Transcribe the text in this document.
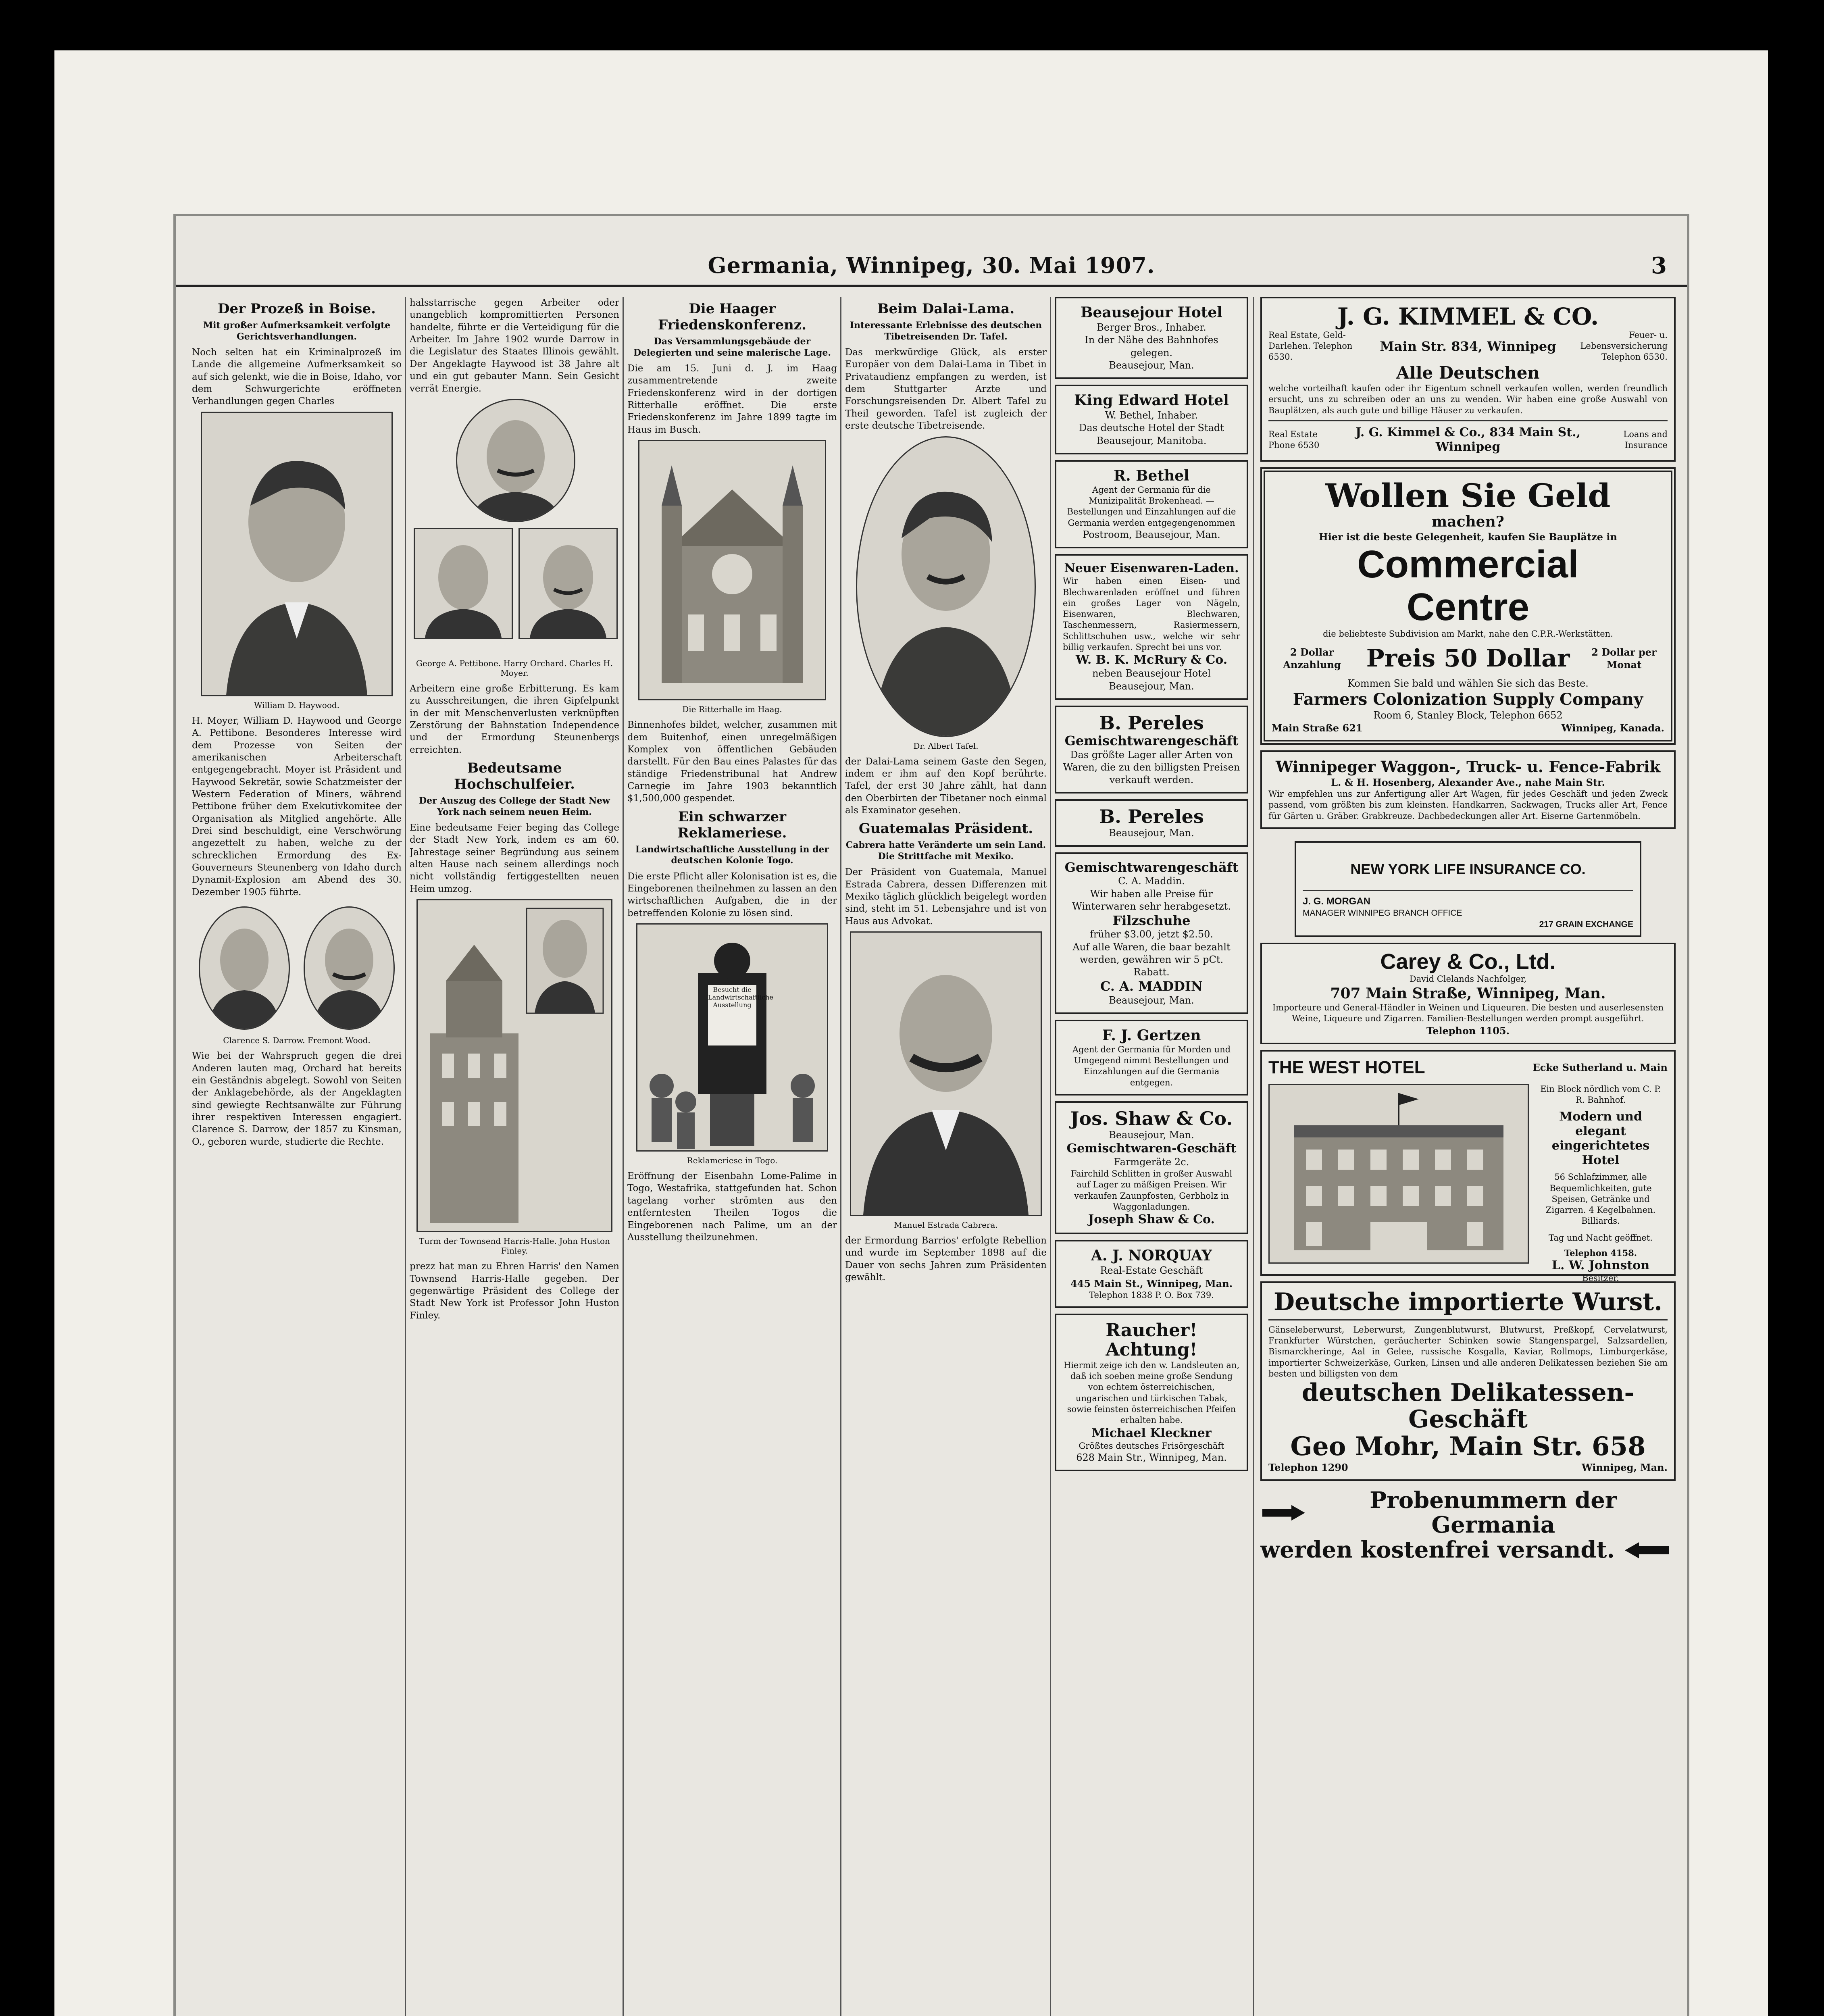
Germania, Winnipeg, 30. Mai 1907.	3
Der Prozeß in Boise.
Mit großer Aufmerksamkeit verfolgte Gerichtsverhandlungen.

Noch selten hat ein Kriminalprozeß im Lande die allgemeine Aufmerksamkeit so auf sich gelenkt, wie die in Boise, Idaho, vor dem Schwurgerichte eröffneten Verhandlungen gegen Charles

William D. Haywood.

H. Moyer, William D. Haywood und George A. Pettibone. Besonderes Interesse wird dem Prozesse von Seiten der amerikanischen Arbeiterschaft entgegengebracht. Moyer ist Präsident und Haywood Sekretär, sowie Schatzmeister der Western Federation of Miners, während Pettibone früher dem Exekutivkomitee der Organisation als Mitglied angehörte. Alle Drei sind beschuldigt, eine Verschwörung angezettelt zu haben, welche zu der schrecklichen Ermordung des Ex-Gouverneurs Steunenberg von Idaho durch Dynamit-Explosion am Abend des 30. Dezember 1905 führte.

Clarence S. Darrow. Fremont Wood.

Wie bei der Wahrspruch gegen die drei Anderen lauten mag, Orchard hat bereits ein Geständnis abgelegt. Sowohl von Seiten der Anklagebehörde, als der Angeklagten sind gewiegte Rechtsanwälte zur Führung ihrer respektiven Interessen engagiert. Clarence S. Darrow, der 1857 zu Kinsman, O., geboren wurde, studierte die Rechte.

halsstarrische gegen Arbeiter oder unangeblich kompromittierten Personen handelte, führte er die Verteidigung für die Arbeiter. Im Jahre 1902 wurde Darrow in die Legislatur des Staates Illinois gewählt. Der Angeklagte Haywood ist 38 Jahre alt und ein gut gebauter Mann. Sein Gesicht verrät Energie.

George A. Pettibone. Harry Orchard. Charles H. Moyer.

Arbeitern eine große Erbitterung. Es kam zu Ausschreitungen, die ihren Gipfelpunkt in der mit Menschenverlusten verknüpften Zerstörung der Bahnstation Independence und der Ermordung Steunenbergs erreichten.

Bedeutsame Hochschulfeier.
Der Auszug des College der Stadt New York nach seinem neuen Heim.

Eine bedeutsame Feier beging das College der Stadt New York, indem es am 60. Jahrestage seiner Begründung aus seinem alten Hause nach seinem allerdings noch nicht vollständig fertiggestellten neuen Heim umzog.

Turm der Townsend Harris-Halle. John Huston Finley.

prezz hat man zu Ehren Harris' den Namen Townsend Harris-Halle gegeben. Der gegenwärtige Präsident des College der Stadt New York ist Professor John Huston Finley.

Die Haager Friedenskonferenz.
Das Versammlungsgebäude der Delegierten und seine malerische Lage.

Die am 15. Juni d. J. im Haag zusammentretende zweite Friedenskonferenz wird in der dortigen Ritterhalle eröffnet. Die erste Friedenskonferenz im Jahre 1899 tagte im Haus im Busch.

Die Ritterhalle im Haag.

Binnenhofes bildet, welcher, zusammen mit dem Buitenhof, einen unregelmäßigen Komplex von öffentlichen Gebäuden darstellt. Für den Bau eines Palastes für das ständige Friedenstribunal hat Andrew Carnegie im Jahre 1903 bekanntlich $1,500,000 gespendet.

Ein schwarzer Reklameriese.
Landwirtschaftliche Ausstellung in der deutschen Kolonie Togo.

Die erste Pflicht aller Kolonisation ist es, die Eingeborenen theilnehmen zu lassen an den wirtschaftlichen Aufgaben, die in der betreffenden Kolonie zu lösen sind.

Besucht die Landwirtschaftliche Ausstellung
Reklameriese in Togo.

Eröffnung der Eisenbahn Lome-Palime in Togo, Westafrika, stattgefunden hat. Schon tagelang vorher strömten aus den entferntesten Theilen Togos die Eingeborenen nach Palime, um an der Ausstellung theilzunehmen.

Beim Dalai-Lama.
Interessante Erlebnisse des deutschen Tibetreisenden Dr. Tafel.

Das merkwürdige Glück, als erster Europäer von dem Dalai-Lama in Tibet in Privataudienz empfangen zu werden, ist dem Stuttgarter Arzte und Forschungsreisenden Dr. Albert Tafel zu Theil geworden. Tafel ist zugleich der erste deutsche Tibetreisende.

Dr. Albert Tafel.

der Dalai-Lama seinem Gaste den Segen, indem er ihm auf den Kopf berührte. Tafel, der erst 30 Jahre zählt, hat dann den Oberbirten der Tibetaner noch einmal als Examinator gesehen.

Guatemalas Präsident.
Cabrera hatte Veränderte um sein Land. Die Strittfache mit Mexiko.

Der Präsident von Guatemala, Manuel Estrada Cabrera, dessen Differenzen mit Mexiko täglich glücklich beigelegt worden sind, steht im 51. Lebensjahre und ist von Haus aus Advokat.

Manuel Estrada Cabrera.

der Ermordung Barrios' erfolgte Rebellion und wurde im September 1898 auf die Dauer von sechs Jahren zum Präsidenten gewählt.

Beausejour Hotel
Berger Bros., Inhaber.
In der Nähe des Bahnhofes gelegen.
Beausejour, Man.
King Edward Hotel
W. Bethel, Inhaber.
Das deutsche Hotel der Stadt
Beausejour, Manitoba.
R. Bethel
Agent der Germania für die Munizipalität Brokenhead. — Bestellungen und Einzahlungen auf die Germania werden entgegengenommen
Postroom, Beausejour, Man.
Neuer Eisenwaren-Laden.
Wir haben einen Eisen- und Blechwarenladen eröffnet und führen ein großes Lager von Nägeln, Eisenwaren, Blechwaren, Taschenmessern, Rasiermessern, Schlittschuhen usw., welche wir sehr billig verkaufen. Sprecht bei uns vor.
W. B. K. McRury & Co.
neben Beausejour Hotel
Beausejour, Man.
B. Pereles
Gemischtwarengeschäft
Das größte Lager aller Arten von Waren, die zu den billigsten Preisen verkauft werden.
B. Pereles
Beausejour, Man.
Gemischtwarengeschäft
C. A. Maddin.
Wir haben alle Preise für Winterwaren sehr herabgesetzt.
Filzschuhe
früher $3.00, jetzt $2.50.
Auf alle Waren, die baar bezahlt werden, gewähren wir 5 pCt. Rabatt.
C. A. MADDIN
Beausejour, Man.
F. J. Gertzen
Agent der Germania für Morden und Umgegend nimmt Bestellungen und Einzahlungen auf die Germania entgegen.
Jos. Shaw & Co.
Beausejour, Man.
Gemischtwaren-Geschäft
Farmgeräte 2c.
Fairchild Schlitten in großer Auswahl auf Lager zu mäßigen Preisen. Wir verkaufen Zaunpfosten, Gerbholz in Waggonladungen.
Joseph Shaw & Co.
A. J. NORQUAY
Real-Estate Geschäft
445 Main St., Winnipeg, Man.
Telephon 1838 P. O. Box 739.
Raucher! Achtung!
Hiermit zeige ich den w. Landsleuten an, daß ich soeben meine große Sendung von echtem österreichischen, ungarischen und türkischen Tabak, sowie feinsten österreichischen Pfeifen erhalten habe.
Michael Kleckner
Größtes deutsches Frisörgeschäft
628 Main Str., Winnipeg, Man.
J. G. KIMMEL & CO.
Real Estate, Geld-Darlehen. Telephon 6530.
Main Str. 834, Winnipeg
Feuer- u. Lebensversicherung Telephon 6530.
Alle Deutschen
welche vorteilhaft kaufen oder ihr Eigentum schnell verkaufen wollen, werden freundlich ersucht, uns zu schreiben oder an uns zu wenden. Wir haben eine große Auswahl von Bauplätzen, als auch gute und billige Häuser zu verkaufen.
Real Estate Phone 6530
J. G. Kimmel & Co., 834 Main St., Winnipeg
Loans and Insurance
Wollen Sie Geld
machen?
Hier ist die beste Gelegenheit, kaufen Sie Bauplätze in
Commercial
Centre
die beliebteste Subdivision am Markt, nahe den C.P.R.-Werkstätten.
2 Dollar Anzahlung	Preis 50 Dollar	2 Dollar per Monat
Kommen Sie bald und wählen Sie sich das Beste.
Farmers Colonization Supply Company
Room 6, Stanley Block, Telephon 6652
Main Straße 621	Winnipeg, Kanada.
Winnipeger Waggon-, Truck- u. Fence-Fabrik
L. & H. Hosenberg, Alexander Ave., nahe Main Str.
Wir empfehlen uns zur Anfertigung aller Art Wagen, für jedes Geschäft und jeden Zweck passend, vom größten bis zum kleinsten. Handkarren, Sackwagen, Trucks aller Art, Fence für Gärten u. Gräber. Grabkreuze. Dachbedeckungen aller Art. Eiserne Gartenmöbeln.
NEW YORK LIFE INSURANCE CO.
J. G. MORGAN
MANAGER WINNIPEG BRANCH OFFICE
217 GRAIN EXCHANGE
Carey & Co., Ltd.
David Clelands Nachfolger,
707 Main Straße, Winnipeg, Man.
Importeure und General-Händler in Weinen und Liqueuren. Die besten und auserlesensten Weine, Liqueure und Zigarren. Familien-Bestellungen werden prompt ausgeführt.
Telephon 1105.
THE WEST HOTEL	Ecke Sutherland u. Main
Ein Block nördlich vom C. P. R. Bahnhof.
Modern und elegant eingerichtetes Hotel
56 Schlafzimmer, alle Bequemlichkeiten, gute Speisen, Getränke und Zigarren. 4 Kegelbahnen. Billiards.
Tag und Nacht geöffnet.
Telephon 4158.
L. W. Johnston
Besitzer.
Deutsche importierte Wurst.
Gänseleberwurst, Leberwurst, Zungenblutwurst, Blutwurst, Preßkopf, Cervelatwurst, Frankfurter Würstchen, geräucherter Schinken sowie Stangenspargel, Salzsardellen, Bismarckheringe, Aal in Gelee, russische Kosgalla, Kaviar, Rollmops, Limburgerkäse, importierter Schweizerkäse, Gurken, Linsen und alle anderen Delikatessen beziehen Sie am besten und billigsten von dem
deutschen Delikatessen-Geschäft
Geo Mohr, Main Str. 658
Telephon 1290	Winnipeg, Man.
Probenummern der Germania
werden kostenfrei versandt.
